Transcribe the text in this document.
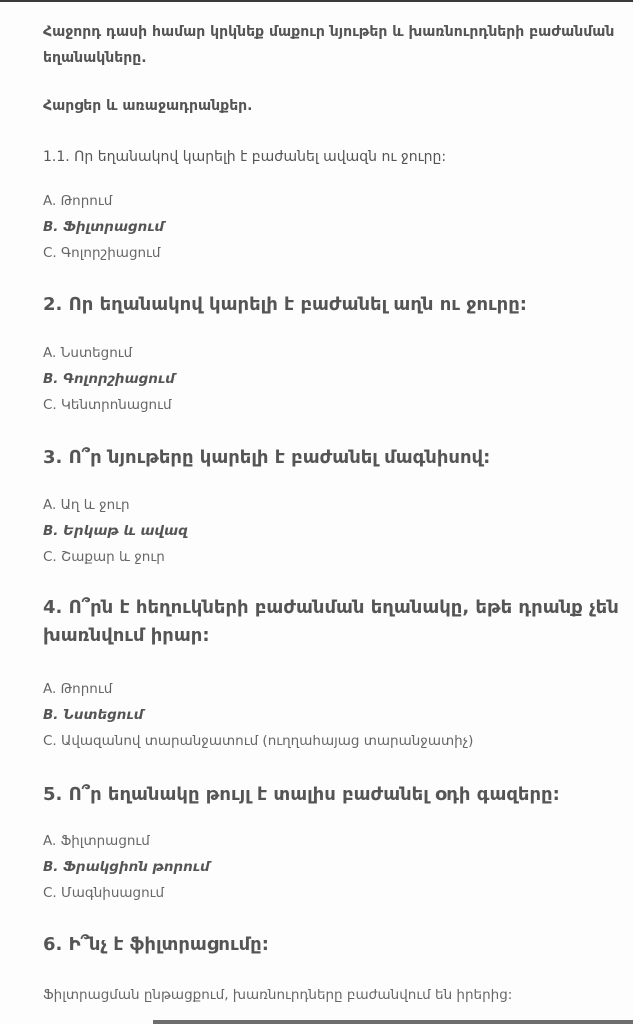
Հաջորդ դասի համար կրկնեք մաքուր նյութեր և խառնուրդների բաժանման
եղանակները.
Հարցեր և առաջադրանքեր.
1.1. Որ եղանակով կարելի է բաժանել ավազն ու ջուրը:
A. Թորում
B. Ֆիլտրացում
C. Գոլորշիացում
2. Որ եղանակով կարելի է բաժանել աղն ու ջուրը:
A. Նստեցում
B. Գոլորշիացում
C. Կենտրոնացում
3. Ո՞ր նյութերը կարելի է բաժանել մագնիսով:
A. Աղ և ջուր
B. Երկաթ և ավազ
C. Շաքար և ջուր
4. Ո՞րն է հեղուկների բաժանման եղանակը, եթե դրանք չեն
խառնվում իրար:
A. Թորում
B. Նստեցում
C. Ավազանով տարանջատում (ուղղահայաց տարանջատիչ)
5. Ո՞ր եղանակը թույլ է տալիս բաժանել օդի գազերը:
A. Ֆիլտրացում
B. Ֆրակցիոն թորում
C. Մագնիսացում
6. Ի՞նչ է ֆիլտրացումը:
Ֆիլտրացման ընթացքում, խառնուրդները բաժանվում են իրերից:
